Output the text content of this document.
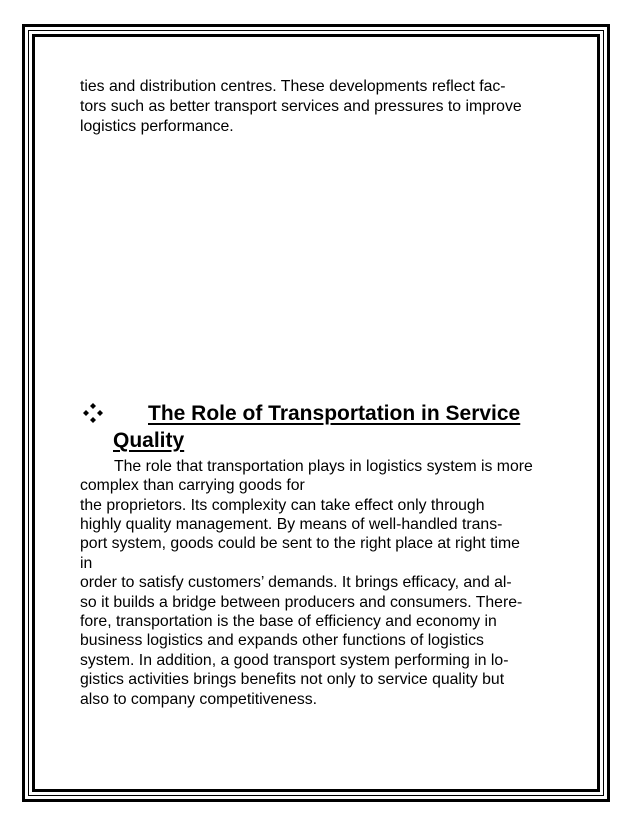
ties and distribution centres. These developments reflect fac-
tors such as better transport services and pressures to improve
logistics performance.
The Role of Transportation in Service
Quality
The role that transportation plays in logistics system is more
complex than carrying goods for
the proprietors. Its complexity can take effect only through
highly quality management. By means of well-handled trans-
port system, goods could be sent to the right place at right time
in
order to satisfy customers’ demands. It brings efficacy, and al-
so it builds a bridge between producers and consumers. There-
fore, transportation is the base of efficiency and economy in
business logistics and expands other functions of logistics
system. In addition, a good transport system performing in lo-
gistics activities brings benefits not only to service quality but
also to company competitiveness.
